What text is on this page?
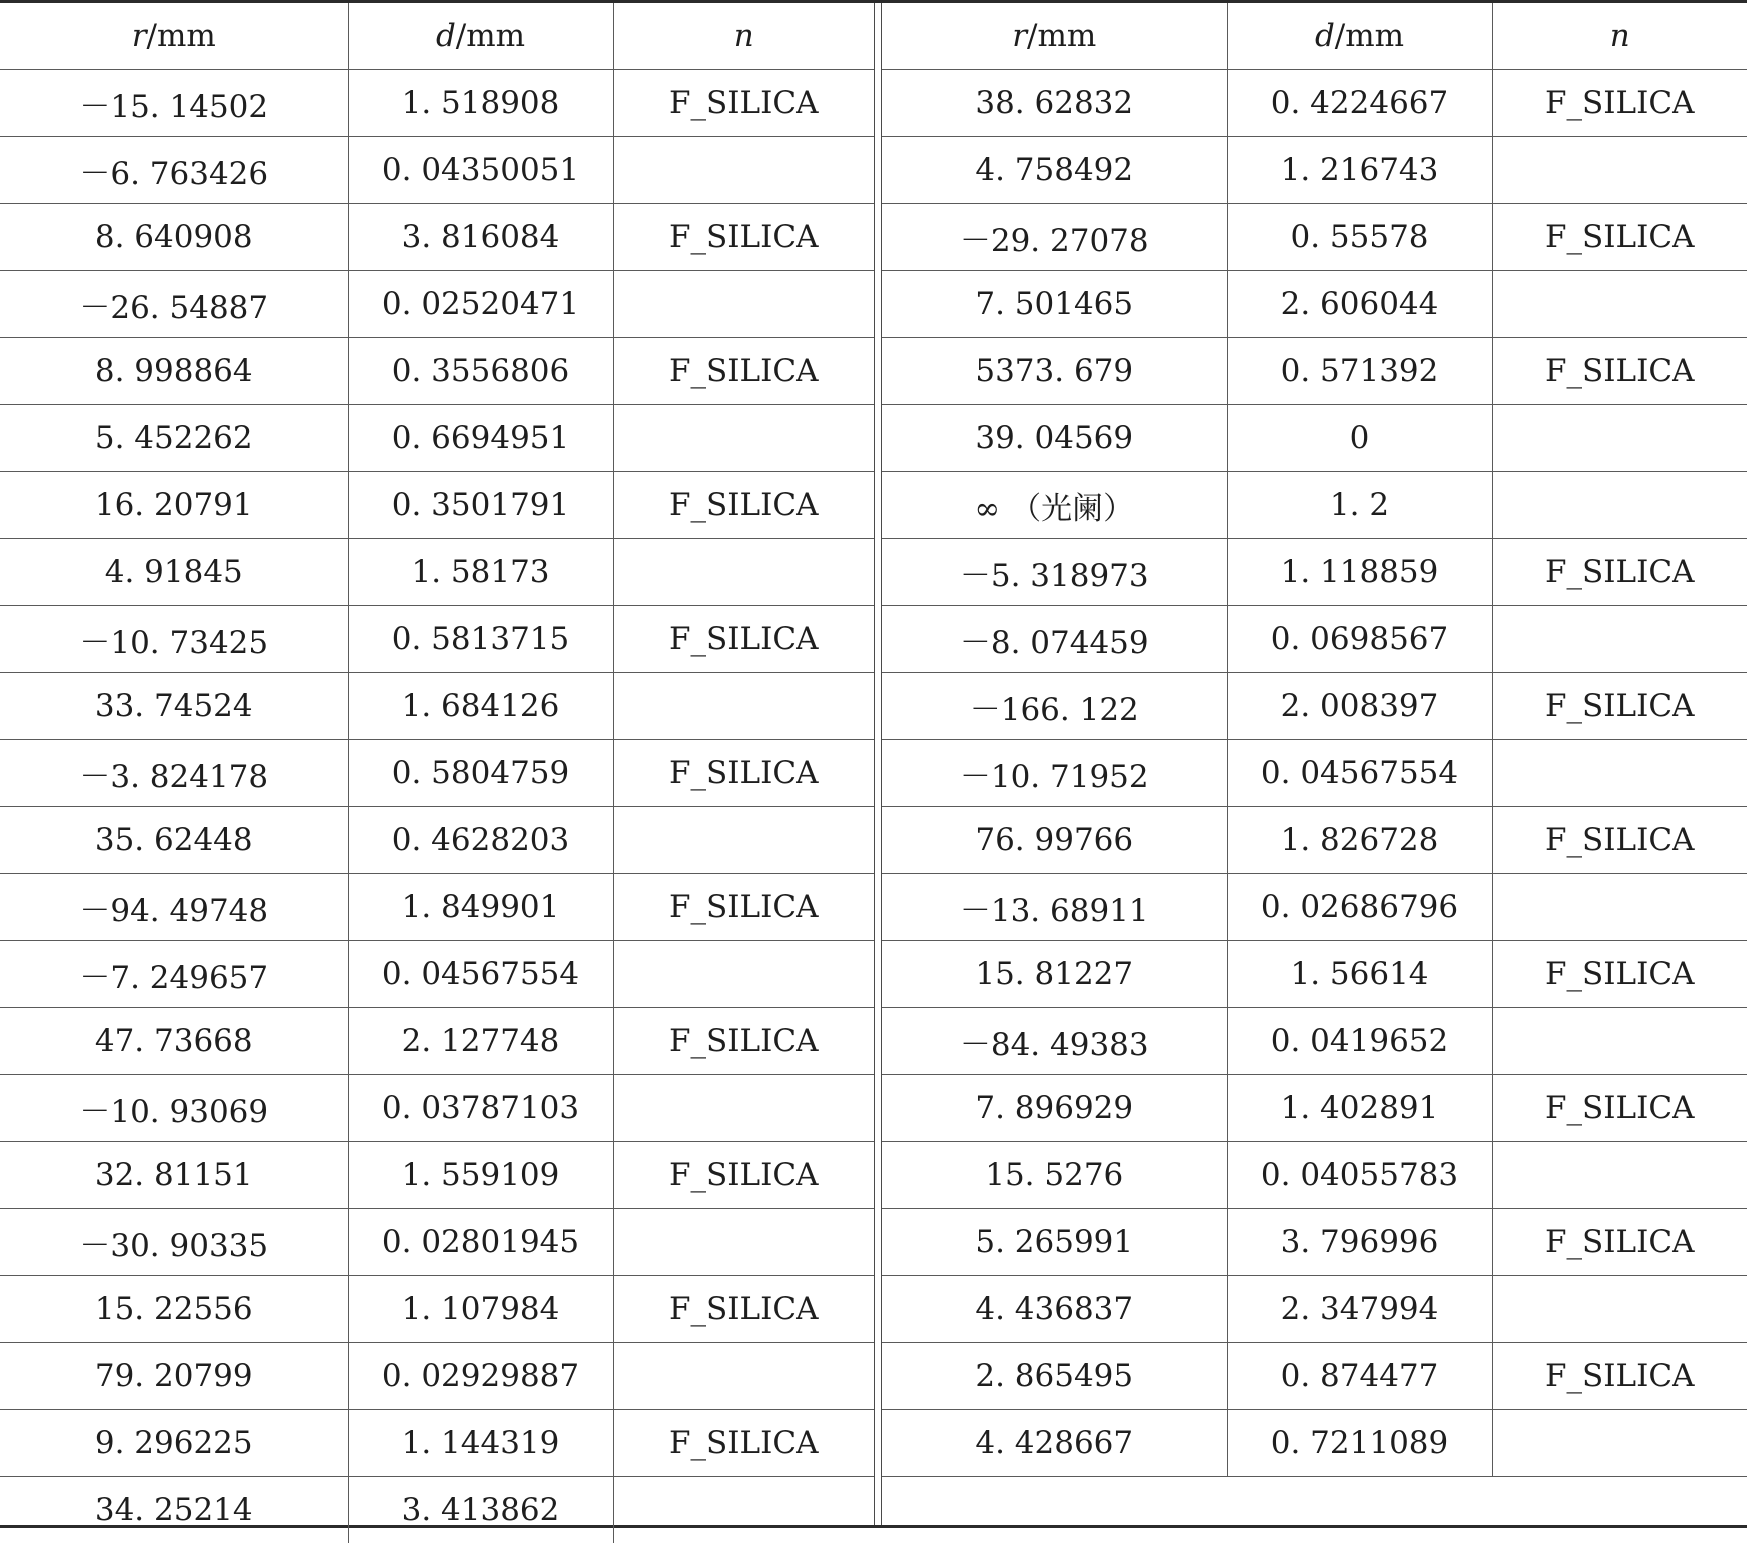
r/mm	d/mm	n
－15. 14502	1. 518908	F_SILICA
－6. 763426	0. 04350051	
8. 640908	3. 816084	F_SILICA
－26. 54887	0. 02520471	
8. 998864	0. 3556806	F_SILICA
5. 452262	0. 6694951	
16. 20791	0. 3501791	F_SILICA
4. 91845	1. 58173	
－10. 73425	0. 5813715	F_SILICA
33. 74524	1. 684126	
－3. 824178	0. 5804759	F_SILICA
35. 62448	0. 4628203	
－94. 49748	1. 849901	F_SILICA
－7. 249657	0. 04567554	
47. 73668	2. 127748	F_SILICA
－10. 93069	0. 03787103	
32. 81151	1. 559109	F_SILICA
－30. 90335	0. 02801945	
15. 22556	1. 107984	F_SILICA
79. 20799	0. 02929887	
9. 296225	1. 144319	F_SILICA
34. 25214	3. 413862	
r/mm	d/mm	n
38. 62832	0. 4224667	F_SILICA
4. 758492	1. 216743	
－29. 27078	0. 55578	F_SILICA
7. 501465	2. 606044	
5373. 679	0. 571392	F_SILICA
39. 04569	0	
∞ （光阑）	1. 2	
－5. 318973	1. 118859	F_SILICA
－8. 074459	0. 0698567	
－166. 122	2. 008397	F_SILICA
－10. 71952	0. 04567554	
76. 99766	1. 826728	F_SILICA
－13. 68911	0. 02686796	
15. 81227	1. 56614	F_SILICA
－84. 49383	0. 0419652	
7. 896929	1. 402891	F_SILICA
15. 5276	0. 04055783	
5. 265991	3. 796996	F_SILICA
4. 436837	2. 347994	
2. 865495	0. 874477	F_SILICA
4. 428667	0. 7211089	
